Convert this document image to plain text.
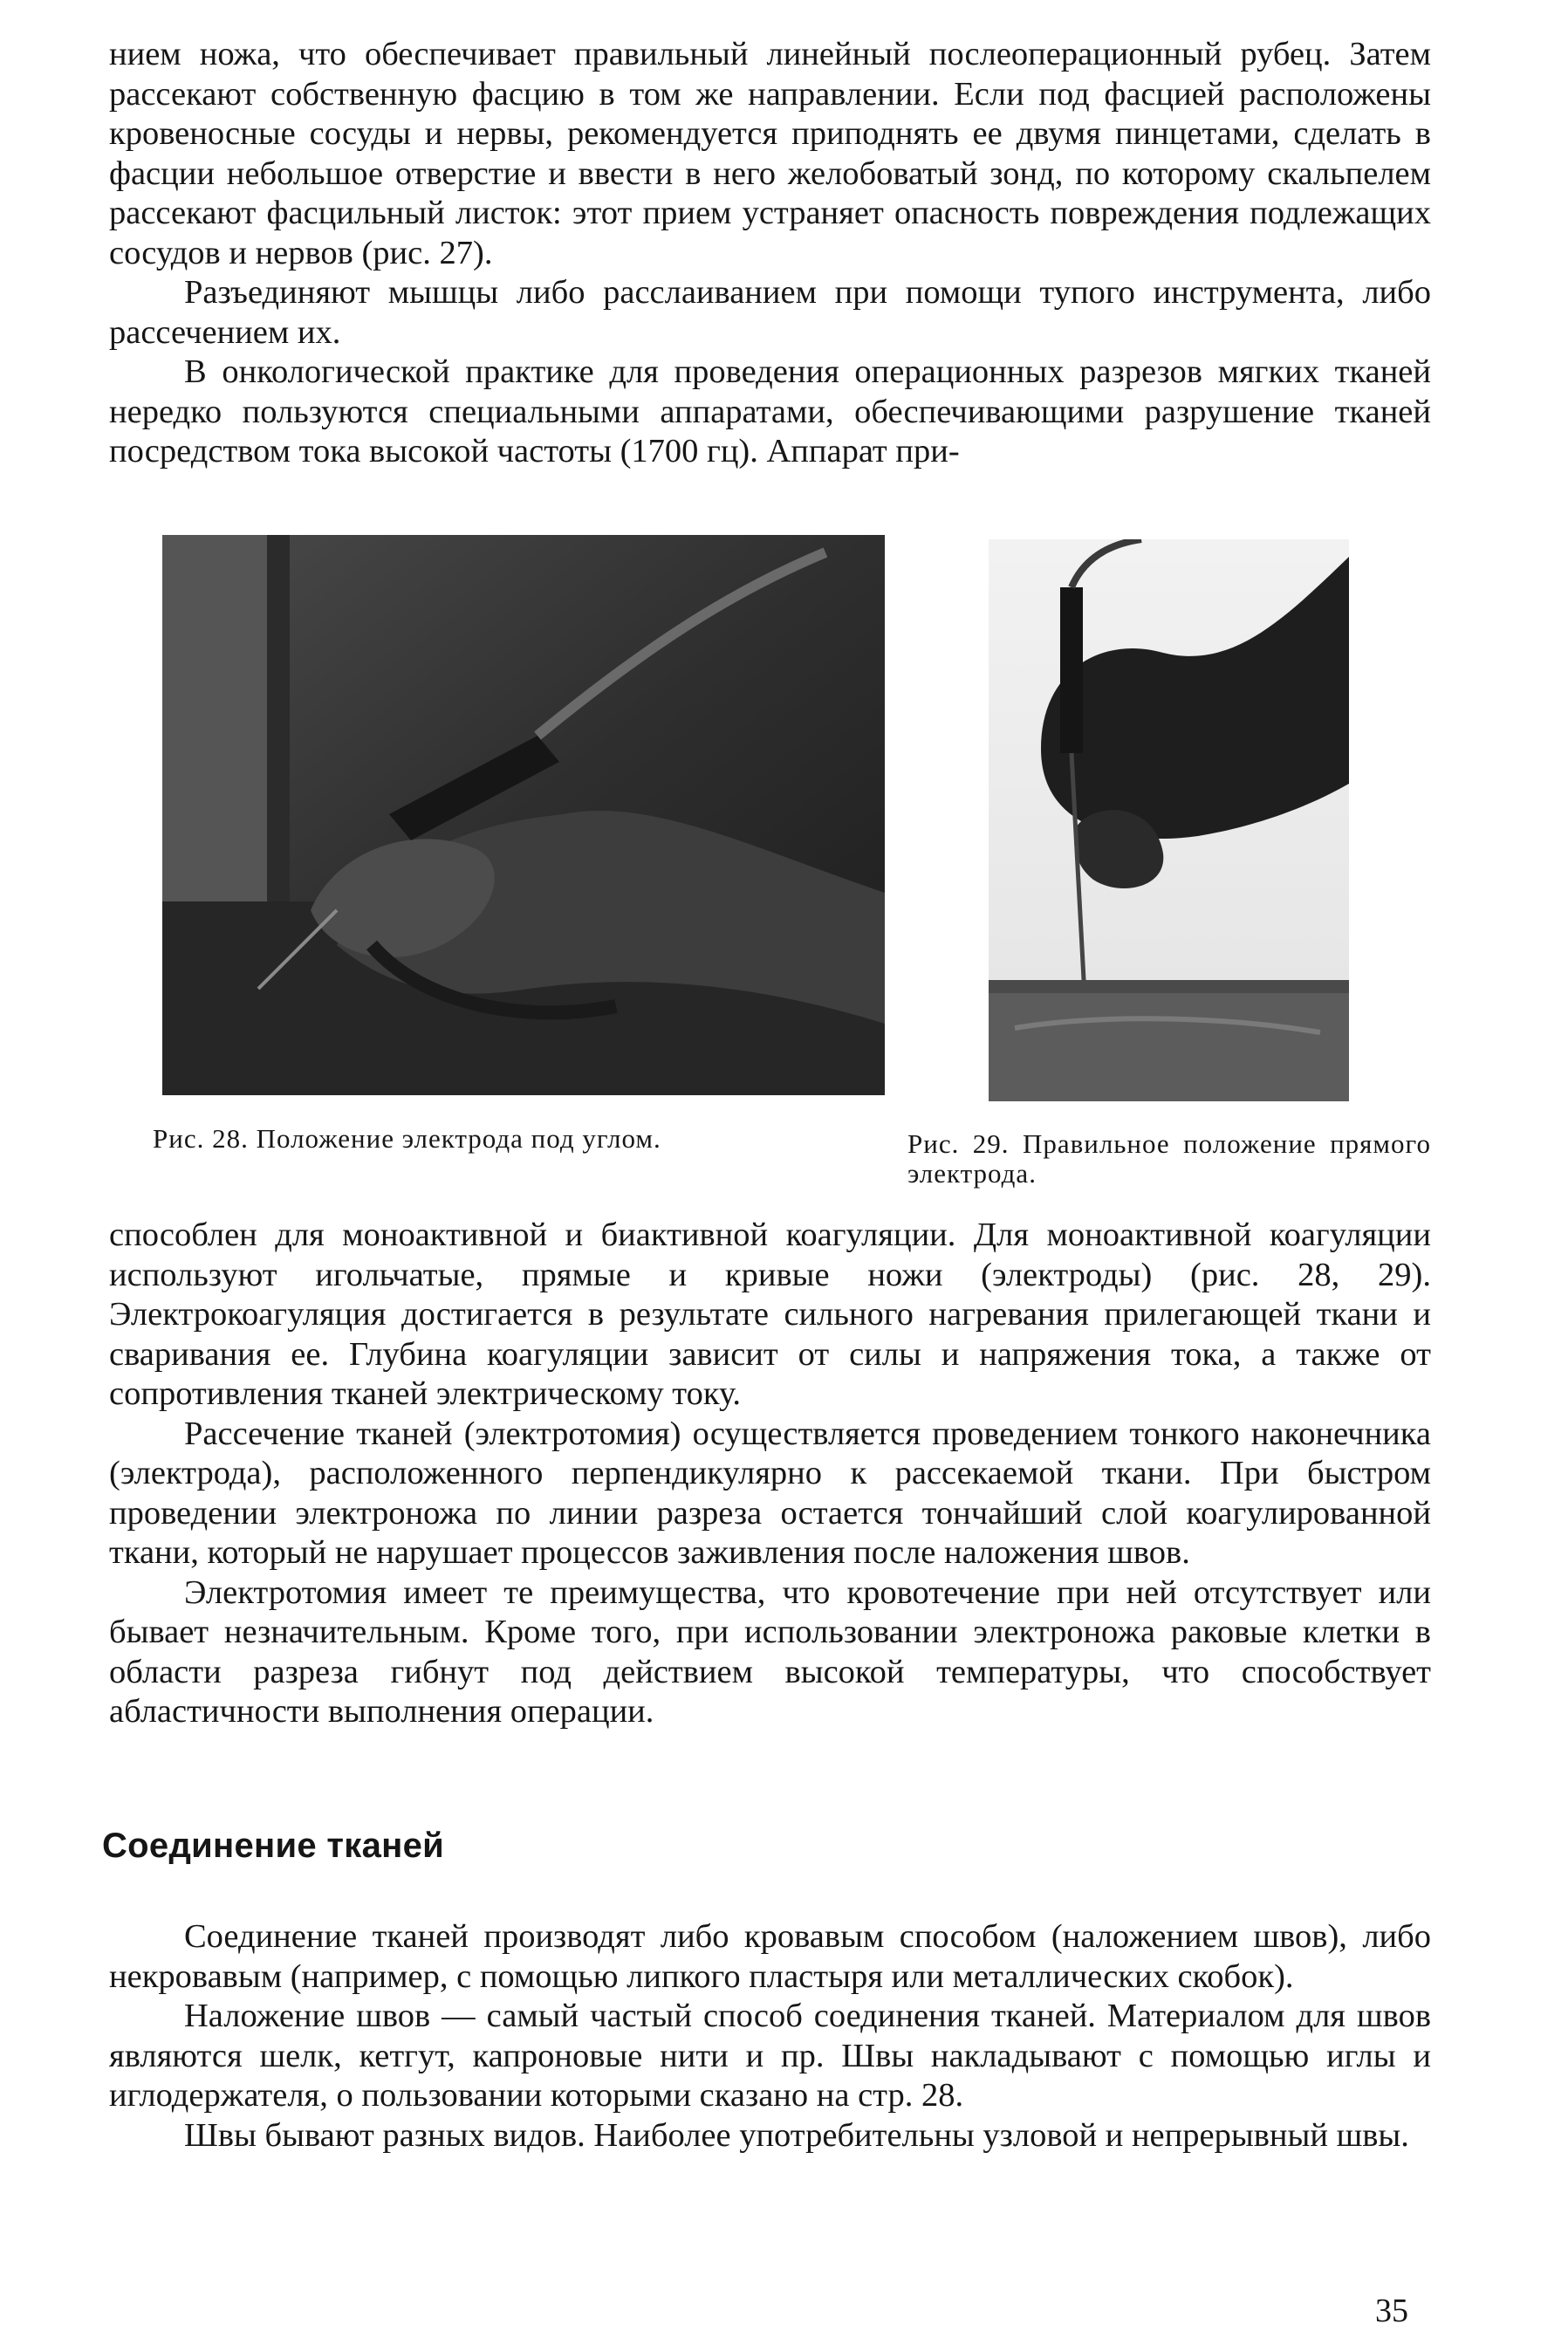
нием ножа, что обеспечивает правильный линейный послеоперационный рубец. Затем рассекают собственную фасцию в том же направлении. Если под фасцией расположены кровеносные сосуды и нервы, рекомендуется приподнять ее двумя пинцетами, сделать в фасции небольшое отверстие и ввести в него желобоватый зонд, по которому скальпелем рассекают фасцильный листок: этот прием устраняет опасность повреждения подлежащих сосудов и нервов (рис. 27).

Разъединяют мышцы либо расслаиванием при помощи тупого инструмента, либо рассечением их.

В онкологической практике для проведения операционных разрезов мягких тканей нередко пользуются специальными аппаратами, обеспечивающими разрушение тканей посредством тока высокой частоты (1700 гц). Аппарат при-

Рис. 28. Положение электрода под углом.	Рис. 29. Правильное положение прямого электрода.

способлен для моноактивной и биактивной коагуляции. Для моноактивной коагуляции используют игольчатые, прямые и кривые ножи (электроды) (рис. 28, 29). Электрокоагуляция достигается в результате сильного нагревания прилегающей ткани и сваривания ее. Глубина коагуляции зависит от силы и напряжения тока, а также от сопротивления тканей электрическому току.

Рассечение тканей (электротомия) осуществляется проведением тонкого наконечника (электрода), расположенного перпендикулярно к рассекаемой ткани. При быстром проведении электроножа по линии разреза остается тончайший слой коагулированной ткани, который не нарушает процессов заживления после наложения швов.

Электротомия имеет те преимущества, что кровотечение при ней отсутствует или бывает незначительным. Кроме того, при использовании электроножа раковые клетки в области разреза гибнут под действием высокой температуры, что способствует абластичности выполнения операции.

Соединение тканей

Соединение тканей производят либо кровавым способом (наложением швов), либо некровавым (например, с помощью липкого пластыря или металлических скобок).

Наложение швов — самый частый способ соединения тканей. Материалом для швов являются шелк, кетгут, капроновые нити и пр. Швы накладывают с помощью иглы и иглодержателя, о пользовании которыми сказано на стр. 28.

Швы бывают разных видов. Наиболее употребительны узловой и непрерывный швы.

35
